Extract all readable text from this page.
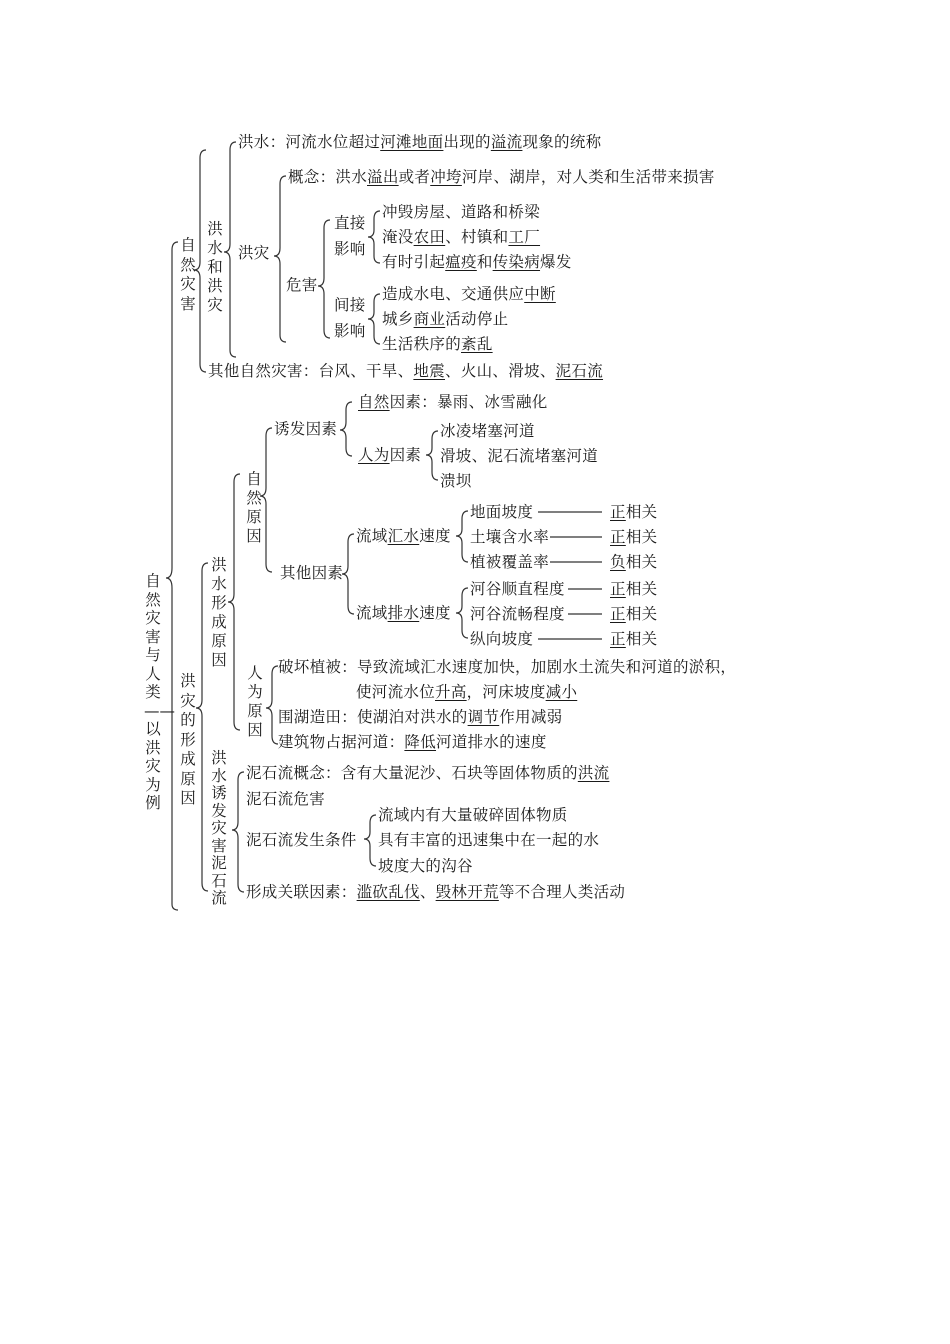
自然灾害与人类——以洪灾为例
自然灾害
洪水和洪灾
洪水：河流水位超过河滩地面出现的溢流现象的统称
洪灾
概念：洪水溢出或者冲垮河岸、湖岸，对人类和生活带来损害
危害
直接
影响
冲毁房屋、道路和桥梁
淹没农田、村镇和工厂
有时引起瘟疫和传染病爆发
间接
影响
造成水电、交通供应中断
城乡商业活动停止
生活秩序的紊乱
其他自然灾害：台风、干旱、地震、火山、滑坡、泥石流
洪灾的形成原因
洪水形成原因
自然原因
诱发因素
自然因素：暴雨、冰雪融化
人为因素
冰凌堵塞河道
滑坡、泥石流堵塞河道
溃坝
其他因素
流域汇水速度
流域排水速度
地面坡度
土壤含水率
植被覆盖率
河谷顺直程度
河谷流畅程度
纵向坡度
正相关
正相关
负相关
正相关
正相关
正相关
人为原因
破坏植被：导致流域汇水速度加快，加剧水土流失和河道的淤积，
使河流水位升高，河床坡度减小
围湖造田：使湖泊对洪水的调节作用减弱
建筑物占据河道：降低河道排水的速度
洪水诱发灾害泥石流
泥石流概念：含有大量泥沙、石块等固体物质的洪流
泥石流危害
泥石流发生条件
流域内有大量破碎固体物质
具有丰富的迅速集中在一起的水
坡度大的沟谷
形成关联因素：滥砍乱伐、毁林开荒等不合理人类活动
